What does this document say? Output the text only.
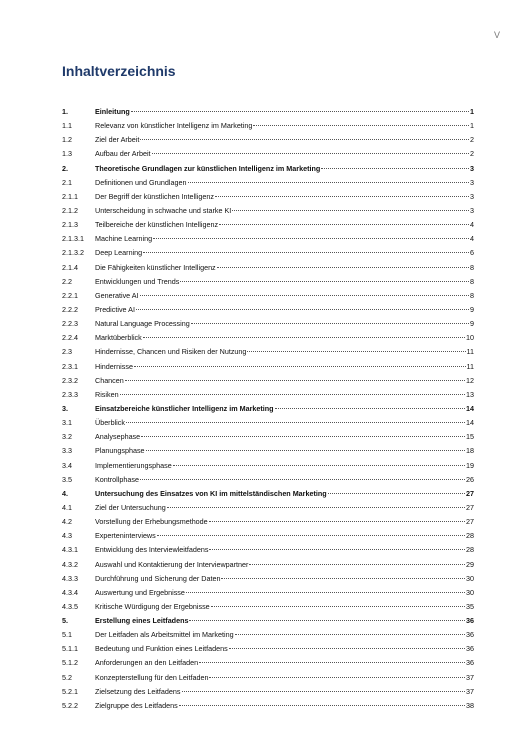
V
Inhaltverzeichnis
1.	Einleitung	1
1.1	Relevanz von künstlicher Intelligenz im Marketing	1
1.2	Ziel der Arbeit	2
1.3	Aufbau der Arbeit	2
2.	Theoretische Grundlagen zur künstlichen Intelligenz im Marketing	3
2.1	Definitionen und Grundlagen	3
2.1.1	Der Begriff der künstlichen Intelligenz	3
2.1.2	Unterscheidung in schwache und starke KI	3
2.1.3	Teilbereiche der künstlichen Intelligenz	4
2.1.3.1	Machine Learning	4
2.1.3.2	Deep Learning	6
2.1.4	Die Fähigkeiten künstlicher Intelligenz	8
2.2	Entwicklungen und Trends	8
2.2.1	Generative AI	8
2.2.2	Predictive AI	9
2.2.3	Natural Language Processing	9
2.2.4	Marktüberblick	10
2.3	Hindernisse, Chancen und Risiken der Nutzung	11
2.3.1	Hindernisse	11
2.3.2	Chancen	12
2.3.3	Risiken	13
3.	Einsatzbereiche künstlicher Intelligenz im Marketing	14
3.1	Überblick	14
3.2	Analysephase	15
3.3	Planungsphase	18
3.4	Implementierungsphase	19
3.5	Kontrollphase	26
4.	Untersuchung des Einsatzes von KI im mittelständischen Marketing	27
4.1	Ziel der Untersuchung	27
4.2	Vorstellung der Erhebungsmethode	27
4.3	Experteninterviews	28
4.3.1	Entwicklung des Interviewleitfadens	28
4.3.2	Auswahl und Kontaktierung der Interviewpartner	29
4.3.3	Durchführung und Sicherung der Daten	30
4.3.4	Auswertung und Ergebnisse	30
4.3.5	Kritische Würdigung der Ergebnisse	35
5.	Erstellung eines Leitfadens	36
5.1	Der Leitfaden als Arbeitsmittel im Marketing	36
5.1.1	Bedeutung und Funktion eines Leitfadens	36
5.1.2	Anforderungen an den Leitfaden	36
5.2	Konzepterstellung für den Leitfaden	37
5.2.1	Zielsetzung des Leitfadens	37
5.2.2	Zielgruppe des Leitfadens	38
